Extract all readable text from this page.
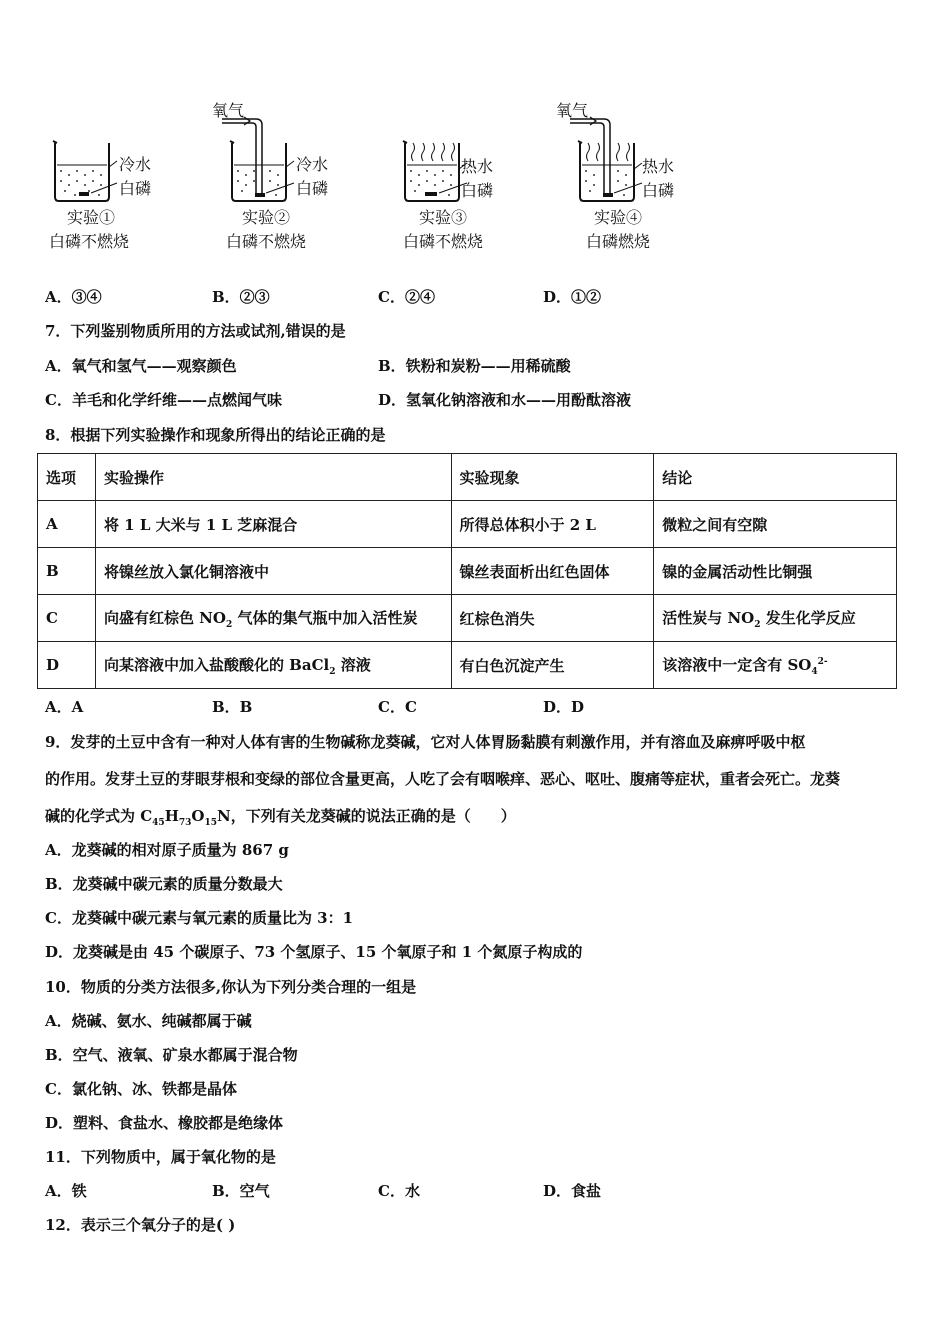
冷水
白磷
实验①
白磷不燃烧
氧气
冷水
白磷
实验②
白磷不燃烧
热水
白磷
实验③
白磷不燃烧
氧气
热水
白磷
实验④
白磷燃烧
A．③④	B．②③	C．②④	D．①②
7．下列鉴别物质所用的方法或试剂,错误的是
A．氧气和氢气——观察颜色	B．铁粉和炭粉——用稀硫酸
C．羊毛和化学纤维——点燃闻气味	D．氢氧化钠溶液和水——用酚酞溶液
8．根据下列实验操作和现象所得出的结论正确的是
选项	实验操作	实验现象	结论
A	将 1 L 大米与 1 L 芝麻混合	所得总体积小于 2 L	微粒之间有空隙
B	将镍丝放入氯化铜溶液中	镍丝表面析出红色固体	镍的金属活动性比铜强
C	向盛有红棕色 $NO_2$ 气体的集气瓶中加入活性炭	红棕色消失	活性炭与 $NO_2$ 发生化学反应
D	向某溶液中加入盐酸酸化的 BaCl$_2$ 溶液	有白色沉淀产生	该溶液中一定含有 $SO_4^{2-}$
A．A	B．B	C．C	D．D
9．发芽的土豆中含有一种对人体有害的生物碱称龙葵碱，它对人体胃肠黏膜有刺激作用，并有溶血及麻痹呼吸中枢
的作用。发芽土豆的芽眼芽根和变绿的部位含量更高，人吃了会有咽喉痒、恶心、呕吐、腹痛等症状，重者会死亡。龙葵
碱的化学式为 $C_{45}H_{73}O_{15}N$，下列有关龙葵碱的说法正确的是（　　）
A．龙葵碱的相对原子质量为 867 g
B．龙葵碱中碳元素的质量分数最大
C．龙葵碱中碳元素与氧元素的质量比为 3：1
D．龙葵碱是由 45 个碳原子、73 个氢原子、15 个氧原子和 1 个氮原子构成的
10．物质的分类方法很多,你认为下列分类合理的一组是
A．烧碱、氨水、纯碱都属于碱
B．空气、液氧、矿泉水都属于混合物
C．氯化钠、冰、铁都是晶体
D．塑料、食盐水、橡胶都是绝缘体
11．下列物质中，属于氧化物的是
A．铁	B．空气	C．水	D．食盐
12．表示三个氧分子的是( )
